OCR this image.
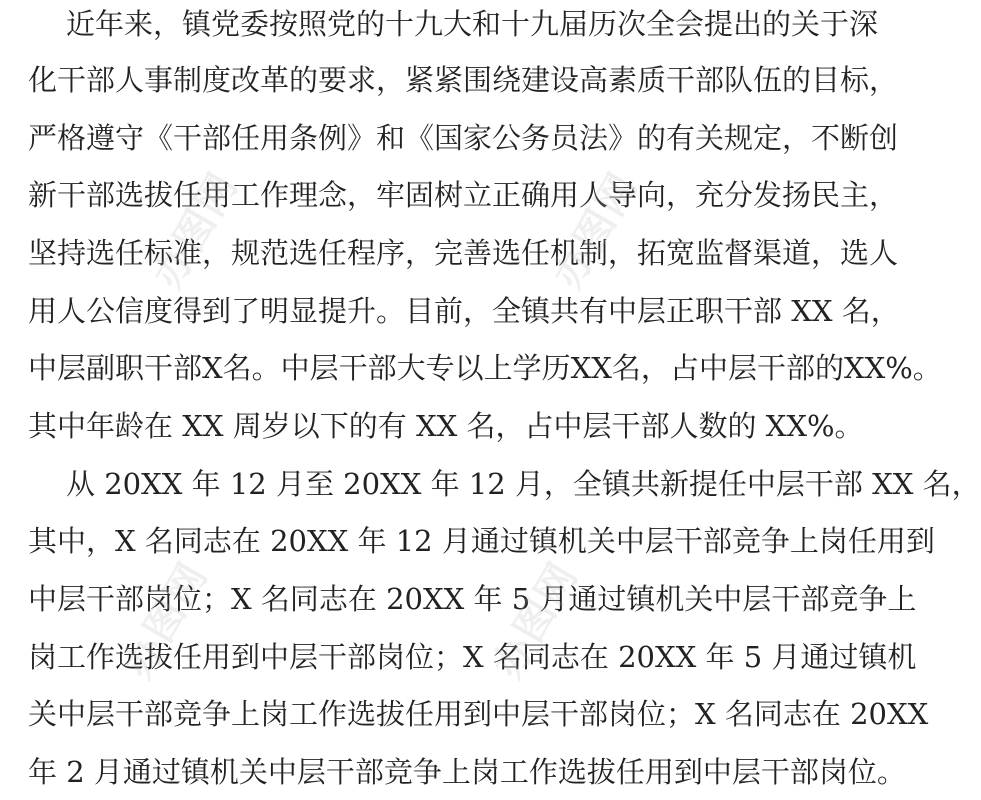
近年来，镇党委按照党的十九大和十九届历次全会提出的关于深
化干部人事制度改革的要求，紧紧围绕建设高素质干部队伍的目标，
严格遵守《干部任用条例》和《国家公务员法》的有关规定，不断创
新干部选拔任用工作理念，牢固树立正确用人导向，充分发扬民主，
坚持选任标准，规范选任程序，完善选任机制，拓宽监督渠道，选人
用人公信度得到了明显提升。目前，全镇共有中层正职干部 XX 名，
中层副职干部X名。中层干部大专以上学历XX名，占中层干部的XX%。
其中年龄在 XX 周岁以下的有 XX 名，占中层干部人数的 XX%。
从 20XX 年 12 月至 20XX 年 12 月，全镇共新提任中层干部 XX 名，
其中，X 名同志在 20XX 年 12 月通过镇机关中层干部竞争上岗任用到
中层干部岗位；X 名同志在 20XX 年 5 月通过镇机关中层干部竞争上
岗工作选拔任用到中层干部岗位；X 名同志在 20XX 年 5 月通过镇机
关中层干部竞争上岗工作选拔任用到中层干部岗位；X 名同志在 20XX
年 2 月通过镇机关中层干部竞争上岗工作选拔任用到中层干部岗位。
办图网	办图网
办图网	办图网
